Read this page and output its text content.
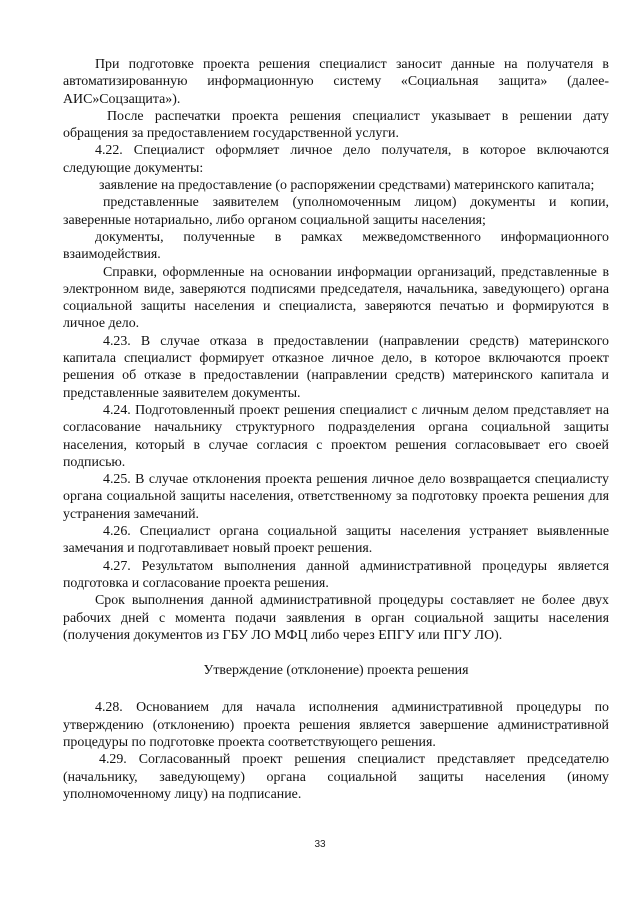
При подготовке проекта решения специалист заносит данные на получателя в автоматизированную информационную систему «Социальная защита» (далее- АИС»Соцзащита»).

После распечатки проекта решения специалист указывает в решении дату обращения за предоставлением государственной услуги.

4.22. Специалист оформляет личное дело получателя, в которое включаются следующие документы:

заявление на предоставление (о распоряжении средствами) материнского капитала;

представленные заявителем (уполномоченным лицом) документы и копии, заверенные нотариально, либо органом социальной защиты населения;

документы, полученные в рамках межведомственного информационного взаимодействия.

Справки, оформленные на основании информации организаций, представленные в электронном виде, заверяются подписями председателя, начальника, заведующего) органа социальной защиты населения и специалиста, заверяются печатью и формируются в личное дело.

4.23. В случае отказа в предоставлении (направлении средств) материнского капитала специалист формирует отказное личное дело, в которое включаются проект решения об отказе в предоставлении (направлении средств) материнского капитала и представленные заявителем документы.

4.24. Подготовленный проект решения специалист с личным делом представляет на согласование начальнику структурного подразделения органа социальной защиты населения, который в случае согласия с проектом решения согласовывает его своей подписью.

4.25. В случае отклонения проекта решения личное дело возвращается специалисту органа социальной защиты населения, ответственному за подготовку проекта решения для устранения замечаний.

4.26. Специалист органа социальной защиты населения устраняет выявленные замечания и подготавливает новый проект решения.

4.27. Результатом выполнения данной административной процедуры является подготовка и согласование проекта решения.

Срок выполнения данной административной процедуры составляет не более двух рабочих дней с момента подачи заявления в орган социальной защиты населения (получения документов из ГБУ ЛО МФЦ либо через ЕПГУ или ПГУ ЛО).

Утверждение (отклонение) проекта решения

4.28. Основанием для начала исполнения административной процедуры по утверждению (отклонению) проекта решения является завершение административной процедуры по подготовке проекта соответствующего решения.

4.29. Согласованный проект решения специалист представляет председателю (начальнику, заведующему) органа социальной защиты населения (иному уполномоченному лицу) на подписание.

33
